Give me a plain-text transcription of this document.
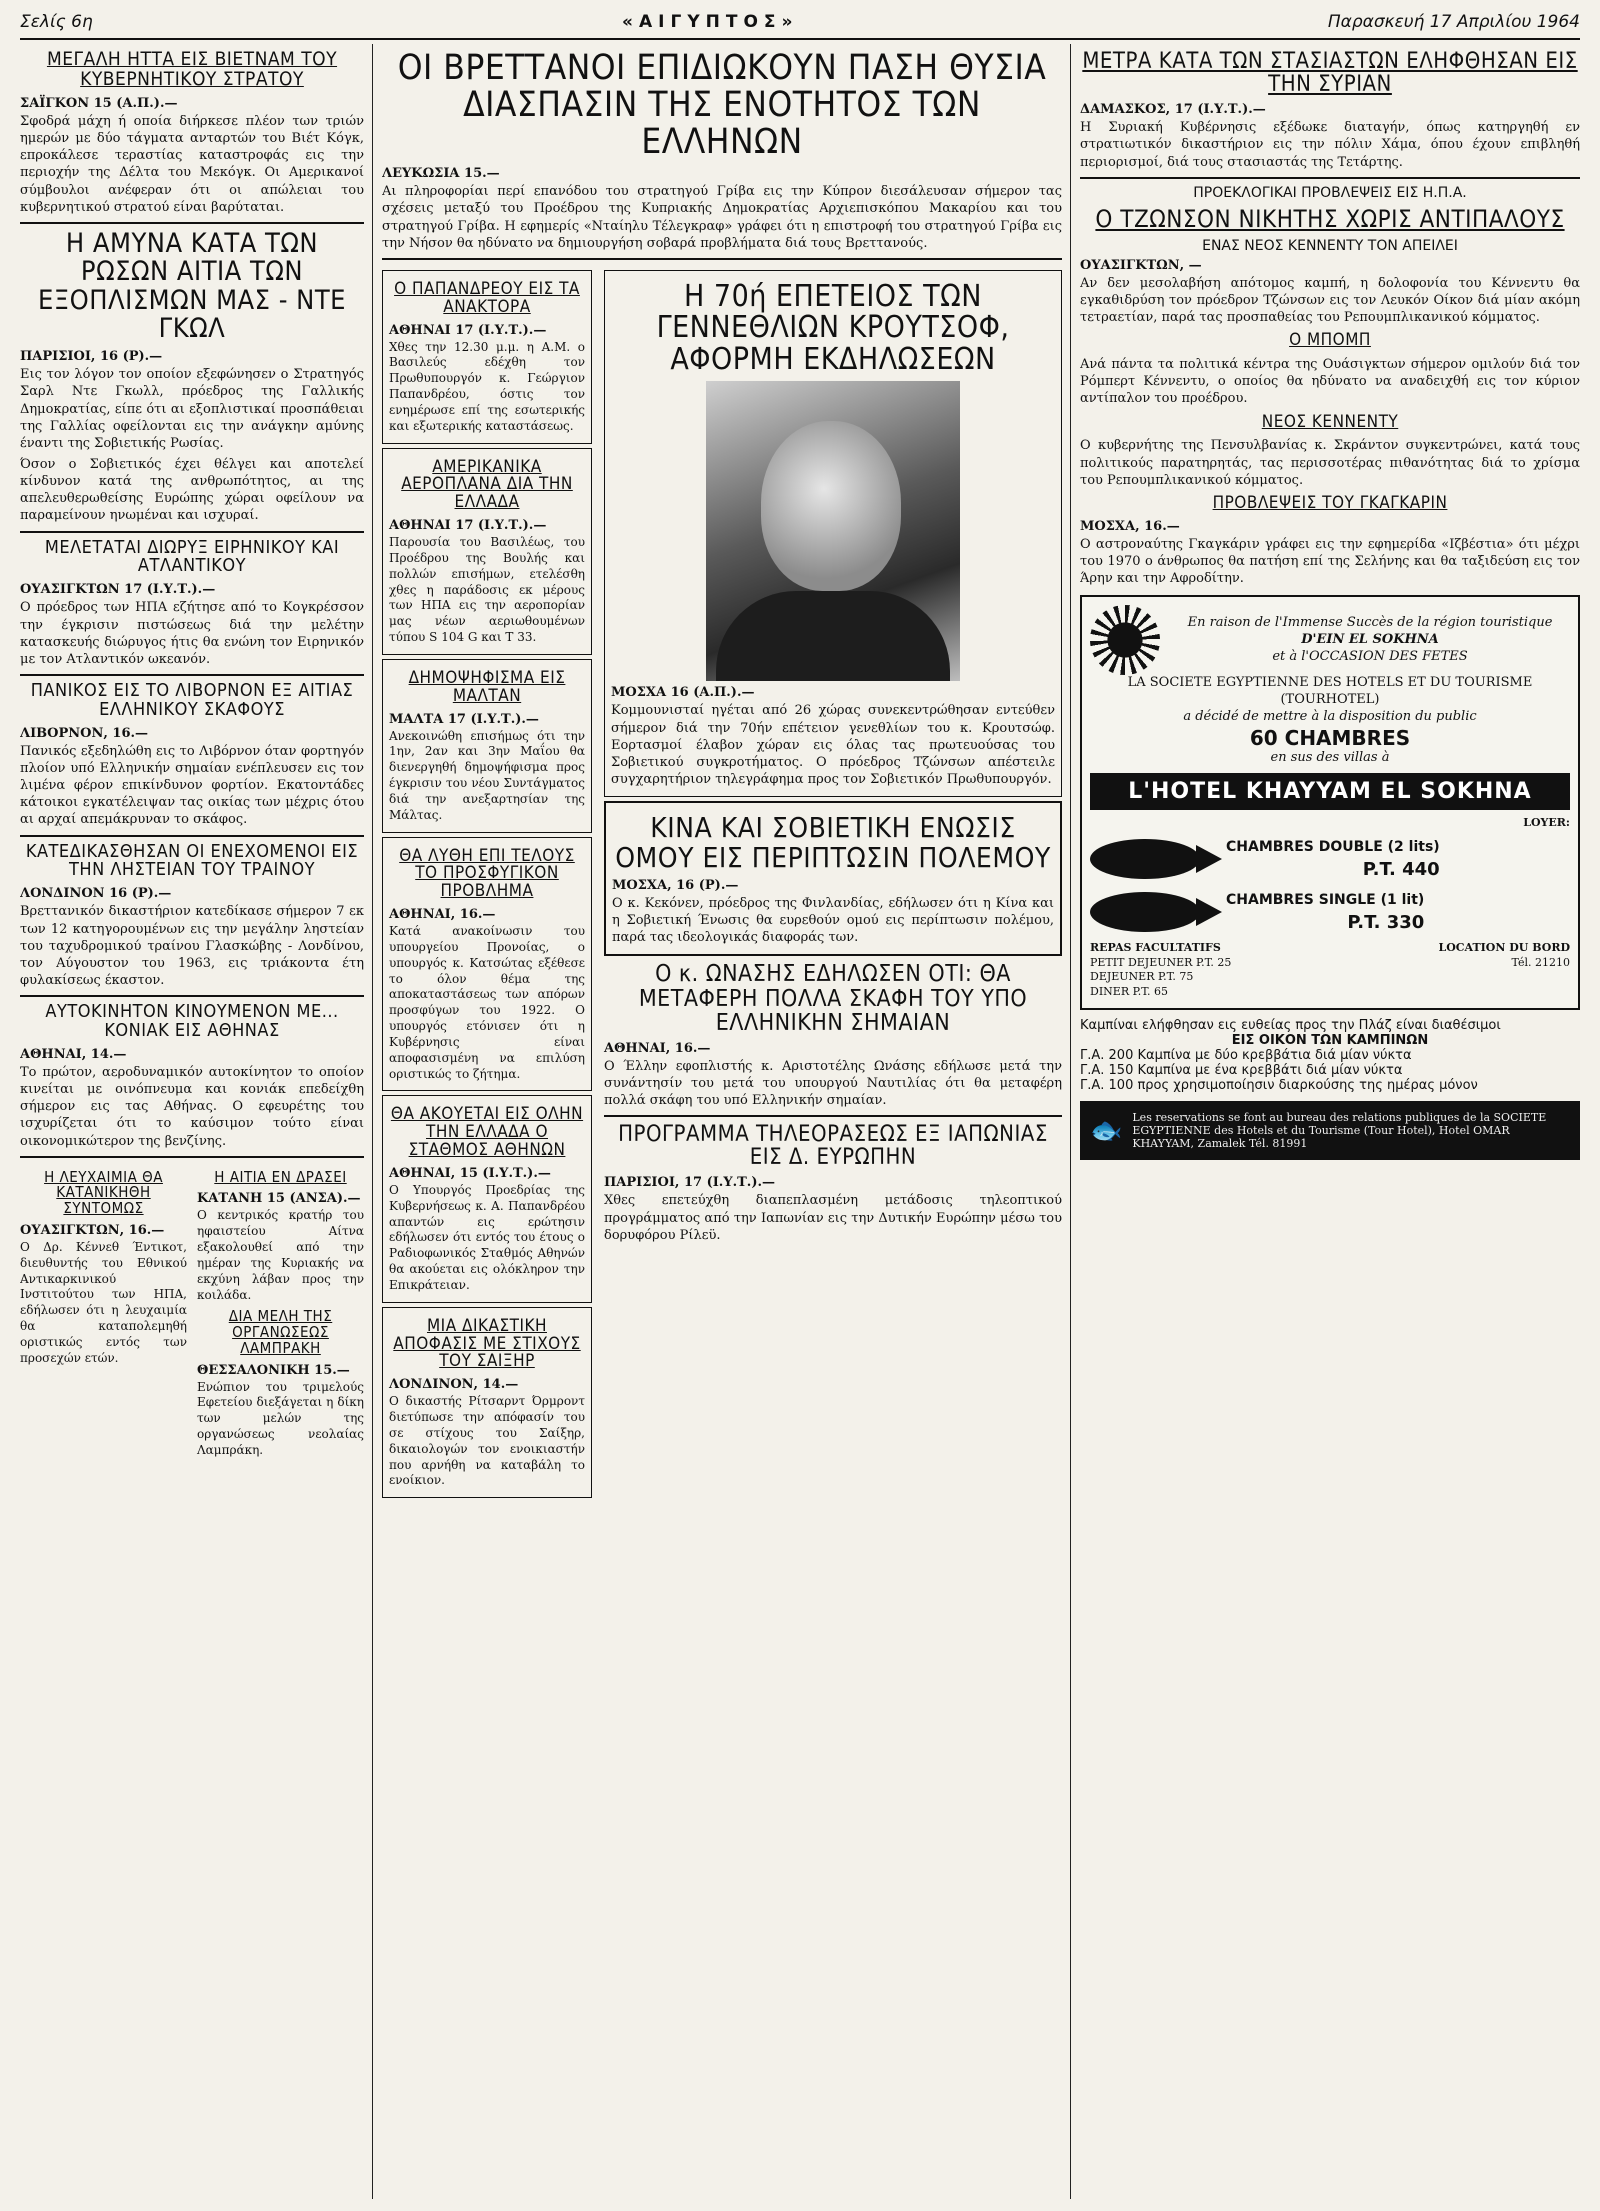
Σελίς 6η	«ΑΙΓΥΠΤΟΣ»	Παρασκευή 17 Απριλίου 1964
ΜΕΓΑΛΗ ΗΤΤΑ ΕΙΣ ΒΙΕΤΝΑΜ ΤΟΥ ΚΥΒΕΡΝΗΤΙΚΟΥ ΣΤΡΑΤΟΥ
ΣΑΪΓΚΟΝ 15 (Α.Π.).—

Σφοδρά μάχη ή οποία διήρκεσε πλέον των τριών ημερών με δύο τάγματα ανταρτών του Βιέτ Κόγκ, επροκάλεσε τεραστίας καταστροφάς εις την περιοχήν της Δέλτα του Μεκόγκ. Οι Αμερικανοί σύμβουλοι ανέφεραν ότι οι απώλειαι του κυβερνητικού στρατού είναι βαρύταται.

Η ΑΜΥΝΑ ΚΑΤΑ ΤΩΝ ΡΩΣΩΝ ΑΙΤΙΑ ΤΩΝ ΕΞΟΠΛΙΣΜΩΝ ΜΑΣ - ΝΤΕ ΓΚΩΛ
ΠΑΡΙΣΙΟΙ, 16 (Ρ).—

Εις τον λόγον τον οποίον εξεφώνησεν ο Στρατηγός Σαρλ Ντε Γκωλλ, πρόεδρος της Γαλλικής Δημοκρατίας, είπε ότι αι εξοπλιστικαί προσπάθειαι της Γαλλίας οφείλονται εις την ανάγκην αμύνης έναντι της Σοβιετικής Ρωσίας.

Όσον ο Σοβιετικός έχει θέλγει και αποτελεί κίνδυνον κατά της ανθρωπότητος, αι της απελευθερωθείσης Ευρώπης χώραι οφείλουν να παραμείνουν ηνωμέναι και ισχυραί.

ΜΕΛΕΤΑΤΑΙ ΔΙΩΡΥΞ ΕΙΡΗΝΙΚΟΥ ΚΑΙ ΑΤΛΑΝΤΙΚΟΥ
ΟΥΑΣΙΓΚΤΩΝ 17 (Ι.Υ.Τ.).—

Ο πρόεδρος των ΗΠΑ εζήτησε από το Κογκρέσσον την έγκρισιν πιστώσεως διά την μελέτην κατασκευής διώρυγος ήτις θα ενώνη τον Ειρηνικόν με τον Ατλαντικόν ωκεανόν.

ΠΑΝΙΚΟΣ ΕΙΣ ΤΟ ΛΙΒΟΡΝΟΝ ΕΞ ΑΙΤΙΑΣ ΕΛΛΗΝΙΚΟΥ ΣΚΑΦΟΥΣ
ΛΙΒΟΡΝΟΝ, 16.—

Πανικός εξεδηλώθη εις το Λιβόρνον όταν φορτηγόν πλοίον υπό Ελληνικήν σημαίαν ενέπλευσεν εις τον λιμένα φέρον επικίνδυνον φορτίον. Εκατοντάδες κάτοικοι εγκατέλειψαν τας οικίας των μέχρις ότου αι αρχαί απεμάκρυναν το σκάφος.

ΚΑΤΕΔΙΚΑΣΘΗΣΑΝ ΟΙ ΕΝΕΧΟΜΕΝΟΙ ΕΙΣ ΤΗΝ ΛΗΣΤΕΙΑΝ ΤΟΥ ΤΡΑΙΝΟΥ
ΛΟΝΔΙΝΟΝ 16 (Ρ).—

Βρεττανικόν δικαστήριον κατεδίκασε σήμερον 7 εκ των 12 κατηγορουμένων εις την μεγάλην ληστείαν του ταχυδρομικού τραίνου Γλασκώβης - Λονδίνου, τον Αύγουστον του 1963, εις τριάκοντα έτη φυλακίσεως έκαστον.

ΑΥΤΟΚΙΝΗΤΟΝ ΚΙΝΟΥΜΕΝΟΝ ΜΕ... ΚΟΝΙΑΚ ΕΙΣ ΑΘΗΝΑΣ
ΑΘΗΝΑΙ, 14.—

Το πρώτον, αεροδυναμικόν αυτοκίνητον το οποίον κινείται με οινόπνευμα και κονιάκ επεδείχθη σήμερον εις τας Αθήνας. Ο εφευρέτης του ισχυρίζεται ότι το καύσιμον τούτο είναι οικονομικώτερον της βενζίνης.

Η ΛΕΥΧΑΙΜΙΑ ΘΑ ΚΑΤΑΝΙΚΗΘΗ ΣΥΝΤΟΜΩΣ
ΟΥΑΣΙΓΚΤΩΝ, 16.—

Ο Δρ. Κέννεθ Έντικοτ, διευθυντής του Εθνικού Αντικαρκινικού Ινστιτούτου των ΗΠΑ, εδήλωσεν ότι η λευχαιμία θα καταπολεμηθή οριστικώς εντός των προσεχών ετών.

Η ΑΙΤΙΑ ΕΝ ΔΡΑΣΕΙ
ΚΑΤΑΝΗ 15 (ΑΝΣΑ).—

Ο κεντρικός κρατήρ του ηφαιστείου Αίτνα εξακολουθεί από την ημέραν της Κυριακής να εκχύνη λάβαν προς την κοιλάδα.

ΔΙΑ ΜΕΛΗ ΤΗΣ ΟΡΓΑΝΩΣΕΩΣ ΛΑΜΠΡΑΚΗ
ΘΕΣΣΑΛΟΝΙΚΗ 15.—

Ενώπιον του τριμελούς Εφετείου διεξάγεται η δίκη των μελών της οργανώσεως νεολαίας Λαμπράκη.

ΟΙ ΒΡΕΤΤΑΝΟΙ ΕΠΙΔΙΩΚΟΥΝ ΠΑΣΗ ΘΥΣΙΑ ΔΙΑΣΠΑΣΙΝ ΤΗΣ ΕΝΟΤΗΤΟΣ ΤΩΝ ΕΛΛΗΝΩΝ
ΛΕΥΚΩΣΙΑ 15.—

Αι πληροφορίαι περί επανόδου του στρατηγού Γρίβα εις την Κύπρον διεσάλευσαν σήμερον τας σχέσεις μεταξύ του Προέδρου της Κυπριακής Δημοκρατίας Αρχιεπισκόπου Μακαρίου και του στρατηγού Γρίβα. Η εφημερίς «Νταίηλυ Τέλεγκραφ» γράφει ότι η επιστροφή του στρατηγού Γρίβα εις την Νήσον θα ηδύνατο να δημιουργήση σοβαρά προβλήματα διά τους Βρεττανούς.

Ο ΠΑΠΑΝΔΡΕΟΥ ΕΙΣ ΤΑ ΑΝΑΚΤΟΡΑ
ΑΘΗΝΑΙ 17 (Ι.Υ.Τ.).—

Χθες την 12.30 μ.μ. η Α.Μ. ο Βασιλεύς εδέχθη τον Πρωθυπουργόν κ. Γεώργιον Παπανδρέου, όστις τον ενημέρωσε επί της εσωτερικής και εξωτερικής καταστάσεως.

ΑΜΕΡΙΚΑΝΙΚΑ ΑΕΡΟΠΛΑΝΑ ΔΙΑ ΤΗΝ ΕΛΛΑΔΑ
ΑΘΗΝΑΙ 17 (Ι.Υ.Τ.).—

Παρουσία του Βασιλέως, του Προέδρου της Βουλής και πολλών επισήμων, ετελέσθη χθες η παράδοσις εκ μέρους των ΗΠΑ εις την αεροπορίαν μας νέων αεριωθουμένων τύπου S 104 G και T 33.

ΔΗΜΟΨΗΦΙΣΜΑ ΕΙΣ ΜΑΛΤΑΝ
ΜΑΛΤΑ 17 (Ι.Υ.Τ.).—

Ανεκοινώθη επισήμως ότι την 1ην, 2αν και 3ην Μαΐου θα διενεργηθή δημοψήφισμα προς έγκρισιν του νέου Συντάγματος διά την ανεξαρτησίαν της Μάλτας.

ΘΑ ΛΥΘΗ ΕΠΙ ΤΕΛΟΥΣ ΤΟ ΠΡΟΣΦΥΓΙΚΟΝ ΠΡΟΒΛΗΜΑ
ΑΘΗΝΑΙ, 16.—

Κατά ανακοίνωσιν του υπουργείου Προνοίας, ο υπουργός κ. Κατσώτας εξέθεσε το όλον θέμα της αποκαταστάσεως των απόρων προσφύγων του 1922. Ο υπουργός ετόνισεν ότι η Κυβέρνησις είναι αποφασισμένη να επιλύση οριστικώς το ζήτημα.

ΘΑ ΑΚΟΥΕΤΑΙ ΕΙΣ ΟΛΗΝ ΤΗΝ ΕΛΛΑΔΑ Ο ΣΤΑΘΜΟΣ ΑΘΗΝΩΝ
ΑΘΗΝΑΙ, 15 (Ι.Υ.Τ.).—

Ο Υπουργός Προεδρίας της Κυβερνήσεως κ. Α. Παπανδρέου απαντών εις ερώτησιν εδήλωσεν ότι εντός του έτους ο Ραδιοφωνικός Σταθμός Αθηνών θα ακούεται εις ολόκληρον την Επικράτειαν.

ΜΙΑ ΔΙΚΑΣΤΙΚΗ ΑΠΟΦΑΣΙΣ ΜΕ ΣΤΙΧΟΥΣ ΤΟΥ ΣΑΙΞΗΡ
ΛΟΝΔΙΝΟΝ, 14.—

Ο δικαστής Ρίτσαρντ Όρμροντ διετύπωσε την απόφασίν του σε στίχους του Σαίξηρ, δικαιολογών τον ενοικιαστήν που αρνήθη να καταβάλη το ενοίκιον.

Η 70ή ΕΠΕΤΕΙΟΣ ΤΩΝ ΓΕΝΝΕΘΛΙΩΝ ΚΡΟΥΤΣΟΦ, ΑΦΟΡΜΗ ΕΚΔΗΛΩΣΕΩΝ
ΜΟΣΧΑ 16 (Α.Π.).—

Κομμουνισταί ηγέται από 26 χώρας συνεκεντρώθησαν εντεύθεν σήμερον διά την 70ήν επέτειον γενεθλίων του κ. Κρουτσώφ. Εορτασμοί έλαβον χώραν εις όλας τας πρωτευούσας του Σοβιετικού συγκροτήματος. Ο πρόεδρος Τζώνσων απέστειλε συγχαρητήριον τηλεγράφημα προς τον Σοβιετικόν Πρωθυπουργόν.

ΚΙΝΑ ΚΑΙ ΣΟΒΙΕΤΙΚΗ ΕΝΩΣΙΣ ΟΜΟΥ ΕΙΣ ΠΕΡΙΠΤΩΣΙΝ ΠΟΛΕΜΟΥ
ΜΟΣΧΑ, 16 (Ρ).—

Ο κ. Κεκόνεν, πρόεδρος της Φινλανδίας, εδήλωσεν ότι η Κίνα και η Σοβιετική Ένωσις θα ευρεθούν ομού εις περίπτωσιν πολέμου, παρά τας ιδεολογικάς διαφοράς των.

Ο κ. ΩΝΑΣΗΣ ΕΔΗΛΩΣΕΝ ΟΤΙ: ΘΑ ΜΕΤΑΦΕΡΗ ΠΟΛΛΑ ΣΚΑΦΗ ΤΟΥ ΥΠΟ ΕΛΛΗΝΙΚΗΝ ΣΗΜΑΙΑΝ
ΑΘΗΝΑΙ, 16.—

Ο Έλλην εφοπλιστής κ. Αριστοτέλης Ωνάσης εδήλωσε μετά την συνάντησίν του μετά του υπουργού Ναυτιλίας ότι θα μεταφέρη πολλά σκάφη του υπό Ελληνικήν σημαίαν.

ΠΡΟΓΡΑΜΜΑ ΤΗΛΕΟΡΑΣΕΩΣ ΕΞ ΙΑΠΩΝΙΑΣ ΕΙΣ Δ. ΕΥΡΩΠΗΝ
ΠΑΡΙΣΙΟΙ, 17 (Ι.Υ.Τ.).—

Χθες επετεύχθη διαπεπλασμένη μετάδοσις τηλεοπτικού προγράμματος από την Ιαπωνίαν εις την Δυτικήν Ευρώπην μέσω του δορυφόρου Ρίλεϋ.

ΜΕΤΡΑ ΚΑΤΑ ΤΩΝ ΣΤΑΣΙΑΣΤΩΝ ΕΛΗΦΘΗΣΑΝ ΕΙΣ ΤΗΝ ΣΥΡΙΑΝ
ΔΑΜΑΣΚΟΣ, 17 (Ι.Υ.Τ.).—

Η Συριακή Κυβέρνησις εξέδωκε διαταγήν, όπως κατηργηθή εν στρατιωτικόν δικαστήριον εις την πόλιν Χάμα, όπου έχουν επιβληθή περιορισμοί, διά τους στασιαστάς της Τετάρτης.

ΠΡΟΕΚΛΟΓΙΚΑΙ ΠΡΟΒΛΕΨΕΙΣ ΕΙΣ Η.Π.Α.
Ο ΤΖΩΝΣΟΝ ΝΙΚΗΤΗΣ ΧΩΡΙΣ ΑΝΤΙΠΑΛΟΥΣ
ΕΝΑΣ ΝΕΟΣ ΚΕΝΝΕΝΤΥ ΤΟΝ ΑΠΕΙΛΕΙ
ΟΥΑΣΙΓΚΤΩΝ, —

Αν δεν μεσολαβήση απότομος καμπή, η δολοφονία του Κέννεντυ θα εγκαθιδρύση τον πρόεδρον Τζώνσων εις τον Λευκόν Οίκον διά μίαν ακόμη τετραετίαν, παρά τας προσπαθείας του Ρεπουμπλικανικού κόμματος.

Ο ΜΠΟΜΠ

Ανά πάντα τα πολιτικά κέντρα της Ουάσιγκτων σήμερον ομιλούν διά τον Ρόμπερτ Κέννεντυ, ο οποίος θα ηδύνατο να αναδειχθή εις τον κύριον αντίπαλον του προέδρου.

ΝΕΟΣ ΚΕΝΝΕΝΤΥ

Ο κυβερνήτης της Πενσυλβανίας κ. Σκράντον συγκεντρώνει, κατά τους πολιτικούς παρατηρητάς, τας περισσοτέρας πιθανότητας διά το χρίσμα του Ρεπουμπλικανικού κόμματος.

ΠΡΟΒΛΕΨΕΙΣ ΤΟΥ ΓΚΑΓΚΑΡΙΝ
ΜΟΣΧΑ, 16.—

Ο αστροναύτης Γκαγκάριν γράφει εις την εφημερίδα «Ιζβέστια» ότι μέχρι του 1970 ο άνθρωπος θα πατήση επί της Σελήνης και θα ταξιδεύση εις τον Άρην και την Αφροδίτην.

En raison de l'Immense Succès de la région touristique
D'EIN EL SOKHNA
et à l'OCCASION DES FETES
LA SOCIETE EGYPTIENNE DES HOTELS ET DU TOURISME (TOURHOTEL)
a décidé de mettre à la disposition du public
60 CHAMBRES
en sus des villas à
L'HOTEL KHAYYAM EL SOKHNA
LOYER:
CHAMBRES DOUBLE (2 lits)
P.T. 440
CHAMBRES SINGLE (1 lit)
P.T. 330
REPAS FACULTATIFS
PETIT DEJEUNER P.T. 25
DEJEUNER P.T. 75
DINER P.T. 65
LOCATION DU BORD
Tél. 21210
Καμπίναι ελήφθησαν εις ευθείας προς την Πλάζ είναι διαθέσιμοι
ΕΙΣ ΟΙΚΟΝ ΤΩΝ ΚΑΜΠΙΝΩΝ
Γ.Α. 200 Καμπίνα με δύο κρεββάτια διά μίαν νύκτα
Γ.Α. 150 Καμπίνα με ένα κρεββάτι διά μίαν νύκτα
Γ.Α. 100 προς χρησιμοποίησιν διαρκούσης της ημέρας μόνον
🐟 Les reservations se font au bureau des relations publiques de la SOCIETE EGYPTIENNE des Hotels et du Tourisme (Tour Hotel), Hotel OMAR KHAYYAM, Zamalek Tél. 81991
